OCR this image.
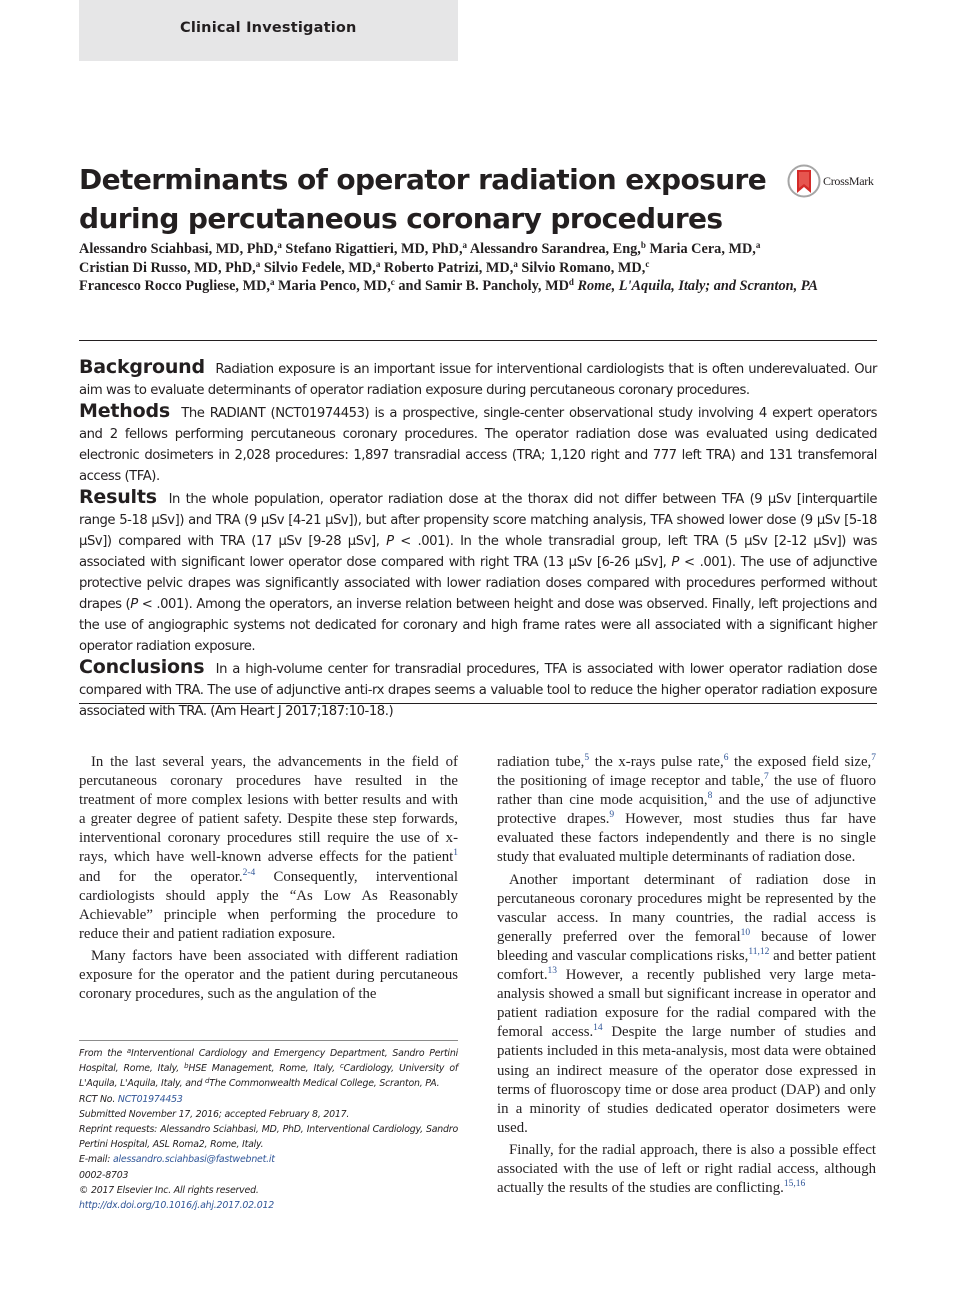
Clinical Investigation
Determinants of operator radiation exposure during percutaneous coronary procedures
CrossMark

Alessandro Sciahbasi, MD, PhD,$^a$ Stefano Rigattieri, MD, PhD,$^a$ Alessandro Sarandrea, Eng,$^b$ Maria Cera, MD,$^a$
Cristian Di Russo, MD, PhD,$^a$ Silvio Fedele, MD,$^a$ Roberto Patrizi, MD,$^a$ Silvio Romano, MD,$^c$
Francesco Rocco Pugliese, MD,$^a$ Maria Penco, MD,$^c$ and Samir B. Pancholy, $MD^d$ Rome, L'Aquila, Italy; and Scranton, PA

Background Radiation exposure is an important issue for interventional cardiologists that is often underevaluated. Our aim was to evaluate determinants of operator radiation exposure during percutaneous coronary procedures.

Methods The RADIANT (NCT01974453) is a prospective, single-center observational study involving 4 expert operators and 2 fellows performing percutaneous coronary procedures. The operator radiation dose was evaluated using dedicated electronic dosimeters in 2,028 procedures: 1,897 transradial access (TRA; 1,120 right and 777 left TRA) and 131 transfemoral access (TFA).

Results In the whole population, operator radiation dose at the thorax did not differ between TFA (9 µSv [interquartile range 5-18 µSv]) and TRA (9 µSv [4-21 µSv]), but after propensity score matching analysis, TFA showed lower dose (9 µSv [5-18 µSv]) compared with TRA (17 µSv [9-28 µSv], P < .001). In the whole transradial group, left TRA (5 µSv [2-12 µSv]) was associated with significant lower operator dose compared with right TRA (13 µSv [6-26 µSv], P < .001). The use of adjunctive protective pelvic drapes was significantly associated with lower radiation doses compared with procedures performed without drapes (P < .001). Among the operators, an inverse relation between height and dose was observed. Finally, left projections and the use of angiographic systems not dedicated for coronary and high frame rates were all associated with a significant higher operator radiation exposure.

Conclusions In a high-volume center for transradial procedures, TFA is associated with lower operator radiation dose compared with TRA. The use of adjunctive anti-rx drapes seems a valuable tool to reduce the higher operator radiation exposure associated with TRA. (Am Heart J 2017;187:10-18.)

In the last several years, the advancements in the field of percutaneous coronary procedures have resulted in the treatment of more complex lesions with better results and with a greater degree of patient safety. Despite these step forwards, interventional coronary procedures still require the use of x-rays, which have well-known adverse effects for the patient$^1$ and for the operator.$^{2-4}$ Consequently, interventional cardiologists should apply the “As Low As Reasonably Achievable” principle when performing the procedure to reduce their and patient radiation exposure.

Many factors have been associated with different radiation exposure for the operator and the patient during percutaneous coronary procedures, such as the angulation of the

radiation tube,$^5$ the x-rays pulse rate,$^6$ the exposed field size,$^7$ the positioning of image receptor and table,$^7$ the use of fluoro rather than cine mode acquisition,$^8$ and the use of adjunctive protective drapes.$^9$ However, most studies thus far have evaluated these factors independently and there is no single study that evaluated multiple determinants of radiation dose.

Another important determinant of radiation dose in percutaneous coronary procedures might be represented by the vascular access. In many countries, the radial access is generally preferred over the femoral$^{10}$ because of lower bleeding and vascular complications risks,$^{11,12}$ and better patient comfort.$^{13}$ However, a recently published very large meta-analysis showed a small but significant increase in operator and patient radiation exposure for the radial compared with the femoral access.$^{14}$ Despite the large number of studies and patients included in this meta-analysis, most data were obtained using an indirect measure of the operator dose expressed in terms of fluoroscopy time or dose area product (DAP) and only in a minority of studies dedicated operator dosimeters were used.

Finally, for the radial approach, there is also a possible effect associated with the use of left or right radial access, although actually the results of the studies are conflicting.$^{15,16}$

From the $^a$Interventional Cardiology and Emergency Department, Sandro Pertini Hospital, Rome, Italy, $^b$HSE Management, Rome, Italy, $^c$Cardiology, University of L'Aquila, L'Aquila, Italy, and $^d$The Commonwealth Medical College, Scranton, PA.
RCT No. NCT01974453
Submitted November 17, 2016; accepted February 8, 2017.
Reprint requests: Alessandro Sciahbasi, MD, PhD, Interventional Cardiology, Sandro Pertini Hospital, ASL Roma2, Rome, Italy.
E-mail: alessandro.sciahbasi@fastwebnet.it
0002-8703
© 2017 Elsevier Inc. All rights reserved.
http://dx.doi.org/10.1016/j.ahj.2017.02.012
